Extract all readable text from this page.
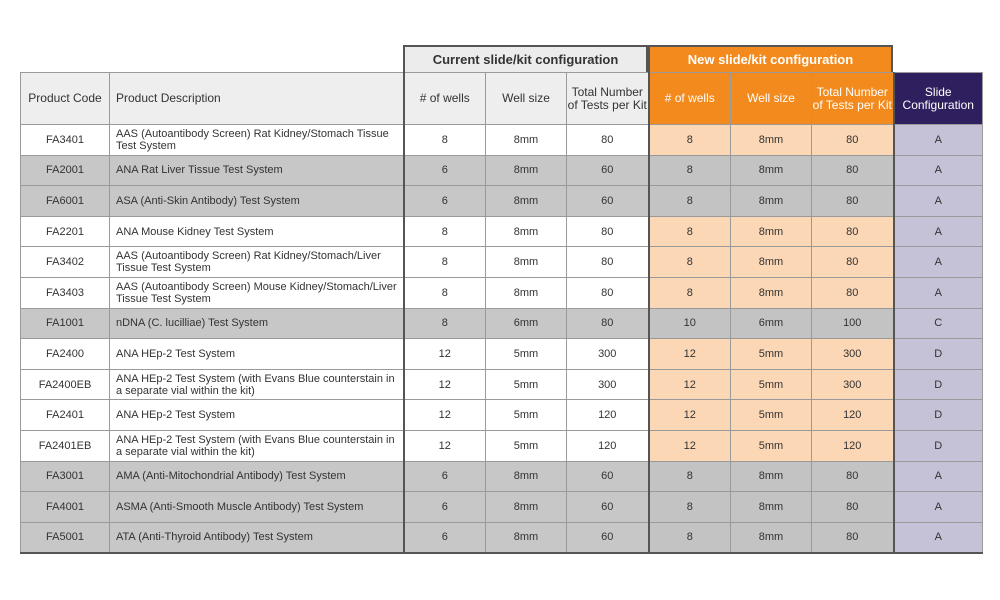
Current slide/kit configuration	New slide/kit configuration
Product Code	Product Description	# of wells	Well size	Total Number of Tests per Kit	# of wells	Well size	Total Number of Tests per Kit	Slide Configuration
FA3401	AAS (Autoantibody Screen) Rat Kidney/Stomach Tissue Test System	8	8mm	80	8	8mm	80	A
FA2001	ANA Rat Liver Tissue Test System	6	8mm	60	8	8mm	80	A
FA6001	ASA (Anti-Skin Antibody) Test System	6	8mm	60	8	8mm	80	A
FA2201	ANA Mouse Kidney Test System	8	8mm	80	8	8mm	80	A
FA3402	AAS (Autoantibody Screen) Rat Kidney/Stomach/Liver Tissue Test System	8	8mm	80	8	8mm	80	A
FA3403	AAS (Autoantibody Screen) Mouse Kidney/Stomach/Liver Tissue Test System	8	8mm	80	8	8mm	80	A
FA1001	nDNA (C. lucilliae) Test System	8	6mm	80	10	6mm	100	C
FA2400	ANA HEp-2 Test System	12	5mm	300	12	5mm	300	D
FA2400EB	ANA HEp-2 Test System (with Evans Blue counterstain in a separate vial within the kit)	12	5mm	300	12	5mm	300	D
FA2401	ANA HEp-2 Test System	12	5mm	120	12	5mm	120	D
FA2401EB	ANA HEp-2 Test System (with Evans Blue counterstain in a separate vial within the kit)	12	5mm	120	12	5mm	120	D
FA3001	AMA (Anti-Mitochondrial Antibody) Test System	6	8mm	60	8	8mm	80	A
FA4001	ASMA (Anti-Smooth Muscle Antibody) Test System	6	8mm	60	8	8mm	80	A
FA5001	ATA (Anti-Thyroid Antibody) Test System	6	8mm	60	8	8mm	80	A
